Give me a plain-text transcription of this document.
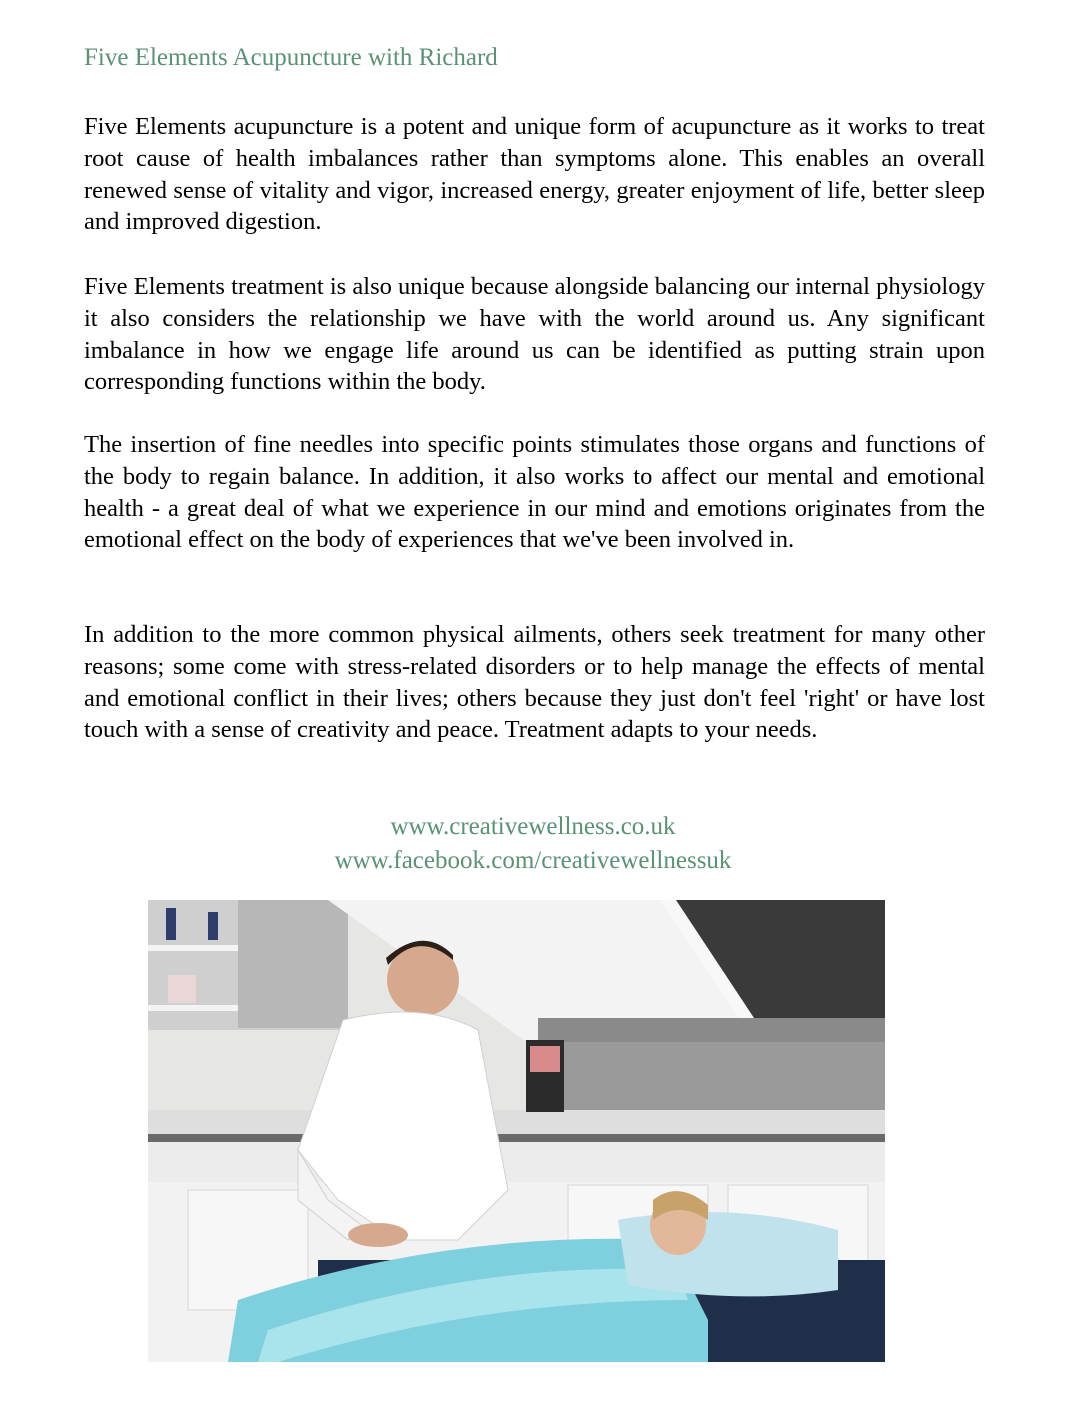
Five Elements Acupuncture with Richard

Five Elements acupuncture is a potent and unique form of acupuncture as it works to treat root cause of health imbalances rather than symptoms alone. This enables an overall renewed sense of vitality and vigor, increased energy, greater enjoyment of life, better sleep and improved digestion.

Five Elements treatment is also unique because alongside balancing our internal physiology it also considers the relationship we have with the world around us. Any significant imbalance in how we engage life around us can be identified as putting strain upon corresponding functions within the body.

The insertion of fine needles into specific points stimulates those organs and functions of the body to regain balance. In addition, it also works to affect our mental and emotional health - a great deal of what we experience in our mind and emotions originates from the emotional effect on the body of experiences that we've been involved in.

In addition to the more common physical ailments, others seek treatment for many other reasons; some come with stress-related disorders or to help manage the effects of mental and emotional conflict in their lives; others because they just don't feel 'right' or have lost touch with a sense of creativity and peace. Treatment adapts to your needs.

www.creativewellness.co.uk
www.facebook.com/creativewellnessuk
